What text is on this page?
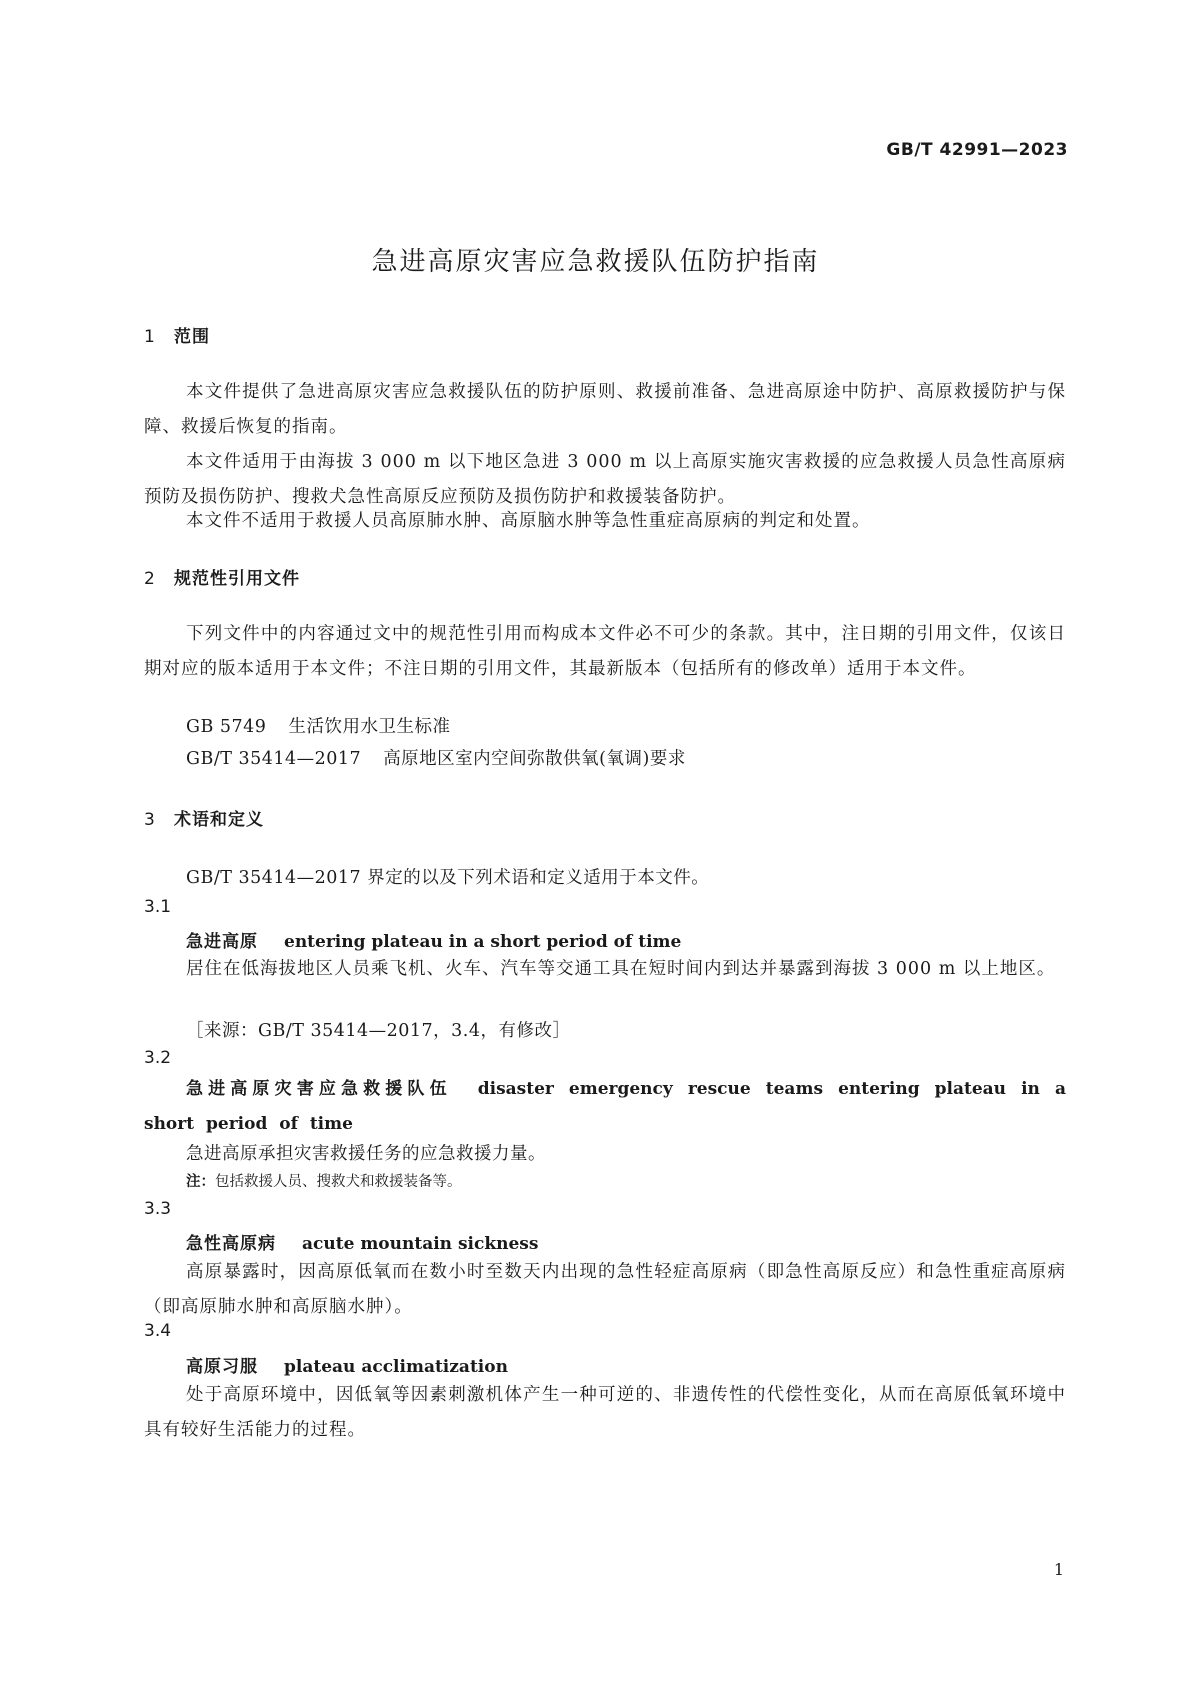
GB/T 42991—2023
急进高原灾害应急救援队伍防护指南
1 范围
本文件提供了急进高原灾害应急救援队伍的防护原则、救援前准备、急进高原途中防护、高原救援防护与保障、救援后恢复的指南。
本文件适用于由海拔 3 000 m 以下地区急进 3 000 m 以上高原实施灾害救援的应急救援人员急性高原病预防及损伤防护、搜救犬急性高原反应预防及损伤防护和救援装备防护。
本文件不适用于救援人员高原肺水肿、高原脑水肿等急性重症高原病的判定和处置。
2 规范性引用文件
下列文件中的内容通过文中的规范性引用而构成本文件必不可少的条款。其中，注日期的引用文件，仅该日期对应的版本适用于本文件；不注日期的引用文件，其最新版本（包括所有的修改单）适用于本文件。
GB 5749 生活饮用水卫生标准
GB/T 35414—2017 高原地区室内空间弥散供氧(氧调)要求
3 术语和定义
GB/T 35414—2017 界定的以及下列术语和定义适用于本文件。
3.1
急进高原 entering plateau in a short period of time
居住在低海拔地区人员乘飞机、火车、汽车等交通工具在短时间内到达并暴露到海拔 3 000 m 以上地区。
［来源：GB/T 35414—2017，3.4，有修改］
3.2
急进高原灾害应急救援队伍 disaster emergency rescue teams entering plateau in a short period of time
急进高原承担灾害救援任务的应急救援力量。
注：包括救援人员、搜救犬和救援装备等。
3.3
急性高原病 acute mountain sickness
高原暴露时，因高原低氧而在数小时至数天内出现的急性轻症高原病（即急性高原反应）和急性重症高原病（即高原肺水肿和高原脑水肿）。
3.4
高原习服 plateau acclimatization
处于高原环境中，因低氧等因素刺激机体产生一种可逆的、非遗传性的代偿性变化，从而在高原低氧环境中具有较好生活能力的过程。
1
